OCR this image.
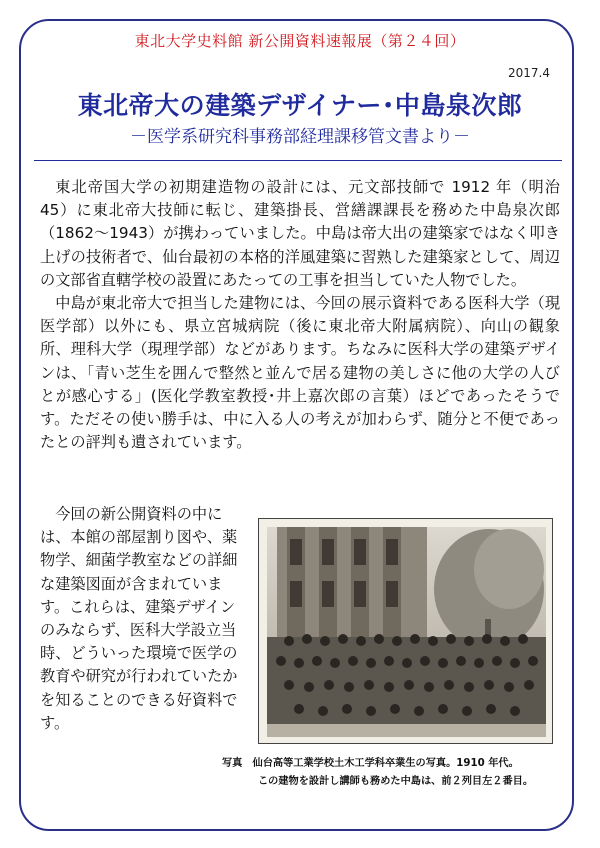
東北大学史料館 新公開資料速報展（第２４回）
2017.4
東北帝大の建築デザイナー･中島泉次郎
－医学系研究科事務部経理課移管文書より－

東北帝国大学の初期建造物の設計には、元文部技師で 1912 年（明治 45）に東北帝大技師に転じ、建築掛長、営繕課課長を務めた中島泉次郎（1862～1943）が携わっていました。中島は帝大出の建築家ではなく叩き上げの技術者で、仙台最初の本格的洋風建築に習熟した建築家として、周辺の文部省直轄学校の設置にあたっての工事を担当していた人物でした。

中島が東北帝大で担当した建物には、今回の展示資料である医科大学（現医学部）以外にも、県立宮城病院（後に東北帝大附属病院）、向山の観象所、理科大学（現理学部）などがあります。ちなみに医科大学の建築デザインは、「青い芝生を囲んで整然と並んで居る建物の美しさに他の大学の人びとが感心する」(医化学教室教授･井上嘉次郎の言葉）ほどであったそうです。ただその使い勝手は、中に入る人の考えが加わらず、随分と不便であったとの評判も遺されています。

今回の新公開資料の中には、本館の部屋割り図や、薬物学、細菌学教室などの詳細な建築図面が含まれています。これらは、建築デザインのみならず、医科大学設立当時、どういった環境で医学の教育や研究が行われていたかを知ることのできる好資料です。

写真　仙台高等工業学校土木工学科卒業生の写真。1910 年代。
この建物を設計し講師も務めた中島は、前２列目左２番目。
